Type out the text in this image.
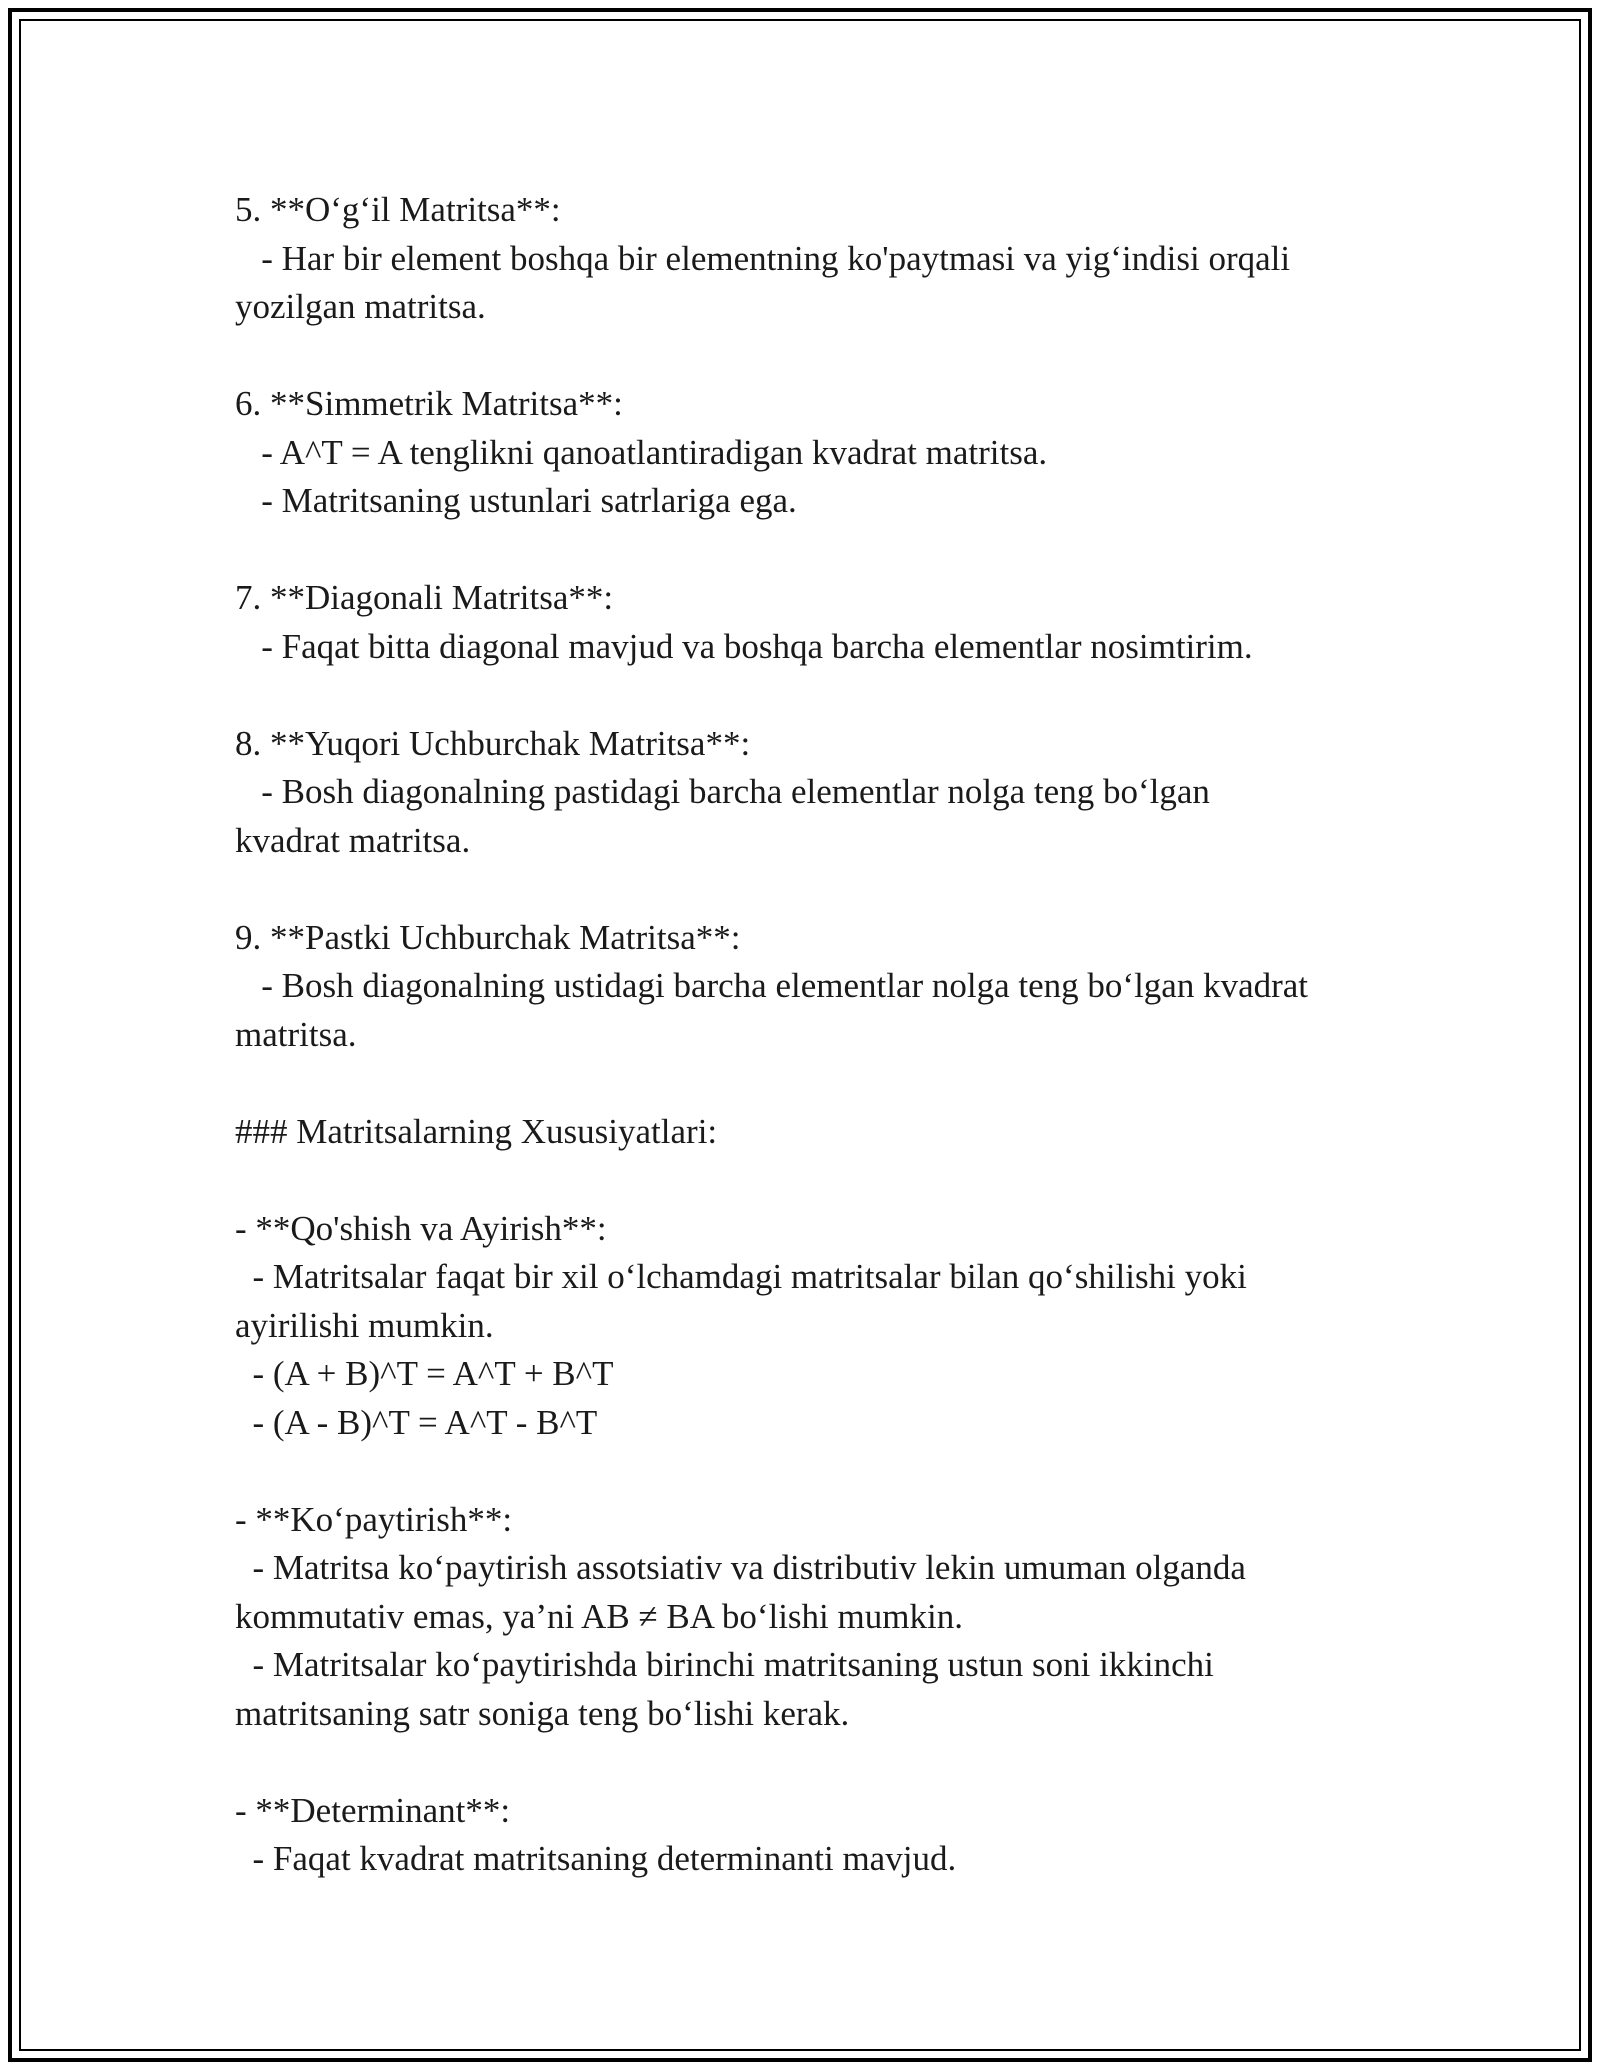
5. **O‘g‘il Matritsa**:
- Har bir element boshqa bir elementning ko'paytmasi va yig‘indisi orqali
yozilgan matritsa.
6. **Simmetrik Matritsa**:
- A^T = A tenglikni qanoatlantiradigan kvadrat matritsa.
- Matritsaning ustunlari satrlariga ega.
7. **Diagonali Matritsa**:
- Faqat bitta diagonal mavjud va boshqa barcha elementlar nosimtirim.
8. **Yuqori Uchburchak Matritsa**:
- Bosh diagonalning pastidagi barcha elementlar nolga teng bo‘lgan
kvadrat matritsa.
9. **Pastki Uchburchak Matritsa**:
- Bosh diagonalning ustidagi barcha elementlar nolga teng bo‘lgan kvadrat
matritsa.
### Matritsalarning Xususiyatlari:
- **Qo'shish va Ayirish**:
- Matritsalar faqat bir xil o‘lchamdagi matritsalar bilan qo‘shilishi yoki
ayirilishi mumkin.
- (A + B)^T = A^T + B^T
- (A - B)^T = A^T - B^T
- **Ko‘paytirish**:
- Matritsa ko‘paytirish assotsiativ va distributiv lekin umuman olganda
kommutativ emas, ya’ni AB ≠ BA bo‘lishi mumkin.
- Matritsalar ko‘paytirishda birinchi matritsaning ustun soni ikkinchi
matritsaning satr soniga teng bo‘lishi kerak.
- **Determinant**:
- Faqat kvadrat matritsaning determinanti mavjud.
